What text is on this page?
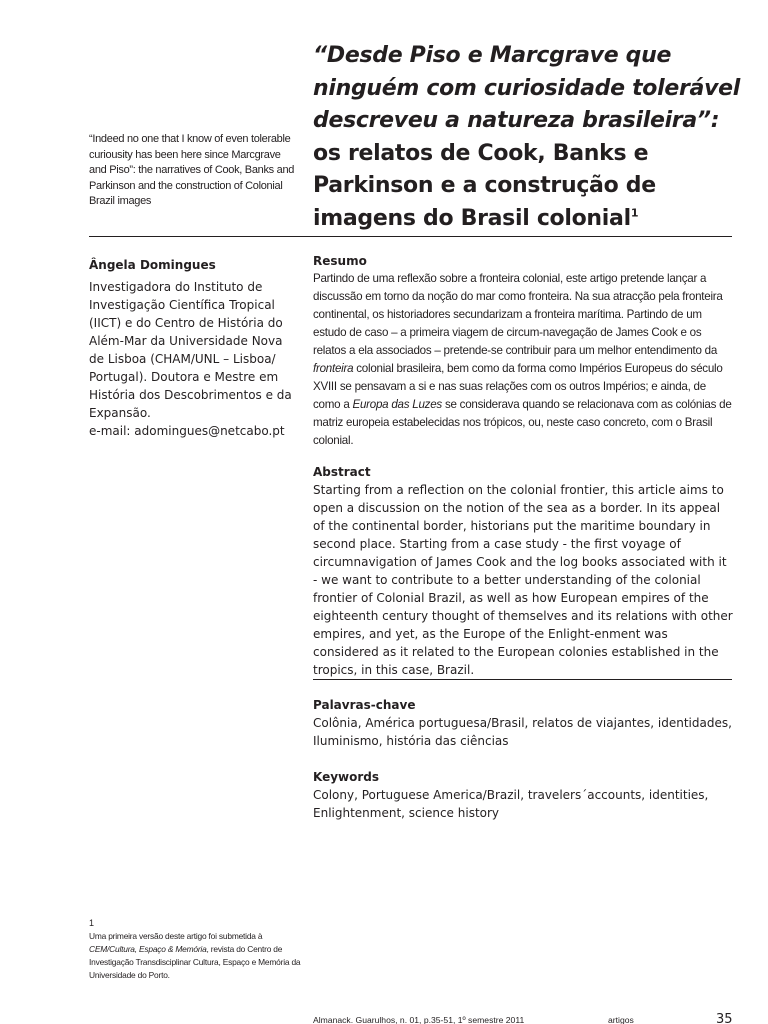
“Indeed no one that I know of even tolerable curiousity has been here since Marcgrave and Piso”: the narratives of Cook, Banks and Parkinson and the construction of Colonial Brazil images

“Desde Piso e Marcgrave que ninguém com curiosidade tolerável descreveu a natureza brasileira”: os relatos de Cook, Banks e Parkinson e a construção de imagens do Brasil colonial$^1$

Ângela Domingues

Investigadora do Instituto de Investigação Científica Tropical (IICT) e do Centro de História do Além-Mar da Universidade Nova de Lisboa (CHAM/UNL – Lisboa/ Portugal). Doutora e Mestre em História dos Descobrimentos e da Expansão.

e-mail: adomingues@netcabo.pt

Resumo

Partindo de uma reflexão sobre a fronteira colonial, este artigo pretende lançar a discussão em torno da noção do mar como fronteira. Na sua atracção pela fronteira continental, os historiadores secundarizam a fronteira marítima. Partindo de um estudo de caso – a primeira viagem de circum-navegação de James Cook e os relatos a ela associados – pretende-se contribuir para um melhor entendimento da fronteira colonial brasileira, bem como da forma como Impérios Europeus do século XVIII se pensavam a si e nas suas relações com os outros Impérios; e ainda, de como a Europa das Luzes se considerava quando se relacionava com as colónias de matriz europeia estabelecidas nos trópicos, ou, neste caso concreto, com o Brasil colonial.

Abstract

Starting from a reflection on the colonial frontier, this article aims to open a discussion on the notion of the sea as a border. In its appeal of the continental border, historians put the maritime boundary in second place. Starting from a case study - the first voyage of circumnavigation of James Cook and the log books associated with it - we want to contribute to a better understanding of the colonial frontier of Colonial Brazil, as well as how European empires of the eighteenth century thought of themselves and its relations with other empires, and yet, as the Europe of the Enlight-enment was considered as it related to the European colonies established in the tropics, in this case, Brazil.

Palavras-chave

Colônia, América portuguesa/Brasil, relatos de viajantes, identidades, Iluminismo, história das ciências

Keywords

Colony, Portuguese America/Brazil, travelers´accounts, identities, Enlightenment, science history

1
Uma primeira versão deste artigo foi submetida à CEM/Cultura, Espaço & Memória, revista do Centro de Investigação Transdisciplinar Cultura, Espaço e Memória da Universidade do Porto.
Almanack. Guarulhos, n. 01, p.35-51, 1º semestre 2011	artigos	35
